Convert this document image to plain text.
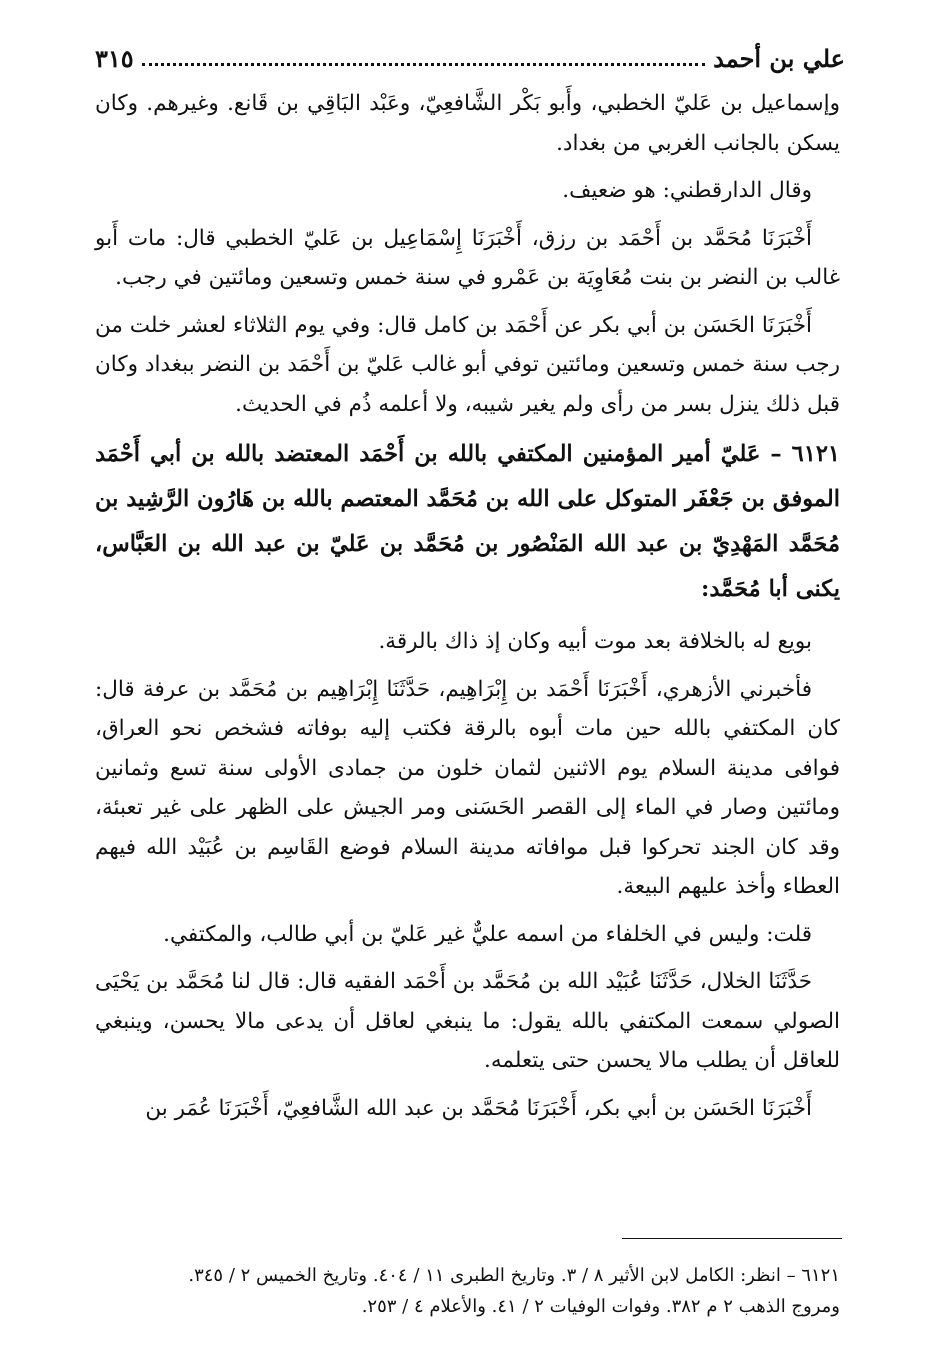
علي بن أحمد
٣١٥

وإسماعيل بن عَليّ الخطبي، وأَبو بَكْر الشَّافعِيّ، وعَبْد البَاقِي بن قَانع. وغيرهم. وكان يسكن بالجانب الغربي من بغداد.

وقال الدارقطني: هو ضعيف.

أَخْبَرَنَا مُحَمَّد بن أَحْمَد بن رزق، أَخْبَرَنَا إِسْمَاعِيل بن عَليّ الخطبي قال: مات أَبو غالب بن النضر بن بنت مُعَاوِيَة بن عَمْرو في سنة خمس وتسعين ومائتين في رجب.

أَخْبَرَنَا الحَسَن بن أبي بكر عن أَحْمَد بن كامل قال: وفي يوم الثلاثاء لعشر خلت من رجب سنة خمس وتسعين ومائتين توفي أبو غالب عَليّ بن أَحْمَد بن النضر ببغداد وكان قبل ذلك ينزل بسر من رأى ولم يغير شيبه، ولا أعلمه ذُم في الحديث.

٦١٢١ – عَليّ أمير المؤمنين المكتفي بالله بن أَحْمَد المعتضد بالله بن أبي أَحْمَد الموفق بن جَعْفَر المتوكل على الله بن مُحَمَّد المعتصم بالله بن هَارُون الرَّشِيد بن مُحَمَّد المَهْدِيّ بن عبد الله المَنْصُور بن مُحَمَّد بن عَليّ بن عبد الله بن العَبَّاس، يكنى أبا مُحَمَّد:

بويع له بالخلافة بعد موت أبيه وكان إذ ذاك بالرقة.

فأخبرني الأزهري، أَخْبَرَنَا أَحْمَد بن إِبْرَاهِيم، حَدَّثَنَا إِبْرَاهِيم بن مُحَمَّد بن عرفة قال: كان المكتفي بالله حين مات أبوه بالرقة فكتب إليه بوفاته فشخص نحو العراق، فوافى مدينة السلام يوم الاثنين لثمان خلون من جمادى الأولى سنة تسع وثمانين ومائتين وصار في الماء إلى القصر الحَسَنى ومر الجيش على الظهر على غير تعبئة، وقد كان الجند تحركوا قبل موافاته مدينة السلام فوضع القَاسِم بن عُبَيْد الله فيهم العطاء وأخذ عليهم البيعة.

قلت: وليس في الخلفاء من اسمه عليٌّ غير عَليّ بن أبي طالب، والمكتفي.

حَدَّثَنَا الخلال، حَدَّثَنَا عُبَيْد الله بن مُحَمَّد بن أَحْمَد الفقيه قال: قال لنا مُحَمَّد بن يَحْيَى الصولي سمعت المكتفي بالله يقول: ما ينبغي لعاقل أن يدعى مالا يحسن، وينبغي للعاقل أن يطلب مالا يحسن حتى يتعلمه.

أَخْبَرَنَا الحَسَن بن أبي بكر، أَخْبَرَنَا مُحَمَّد بن عبد الله الشَّافعِيّ، أَخْبَرَنَا عُمَر بن

٦١٢١ – انظر: الكامل لابن الأثير ٨ / ٣. وتاريخ الطبرى ١١ / ٤٠٤. وتاريخ الخميس ٢ / ٣٤٥.
ومروج الذهب ٢ م ٣٨٢. وفوات الوفيات ٢ / ٤١. والأعلام ٤ / ٢٥٣.
